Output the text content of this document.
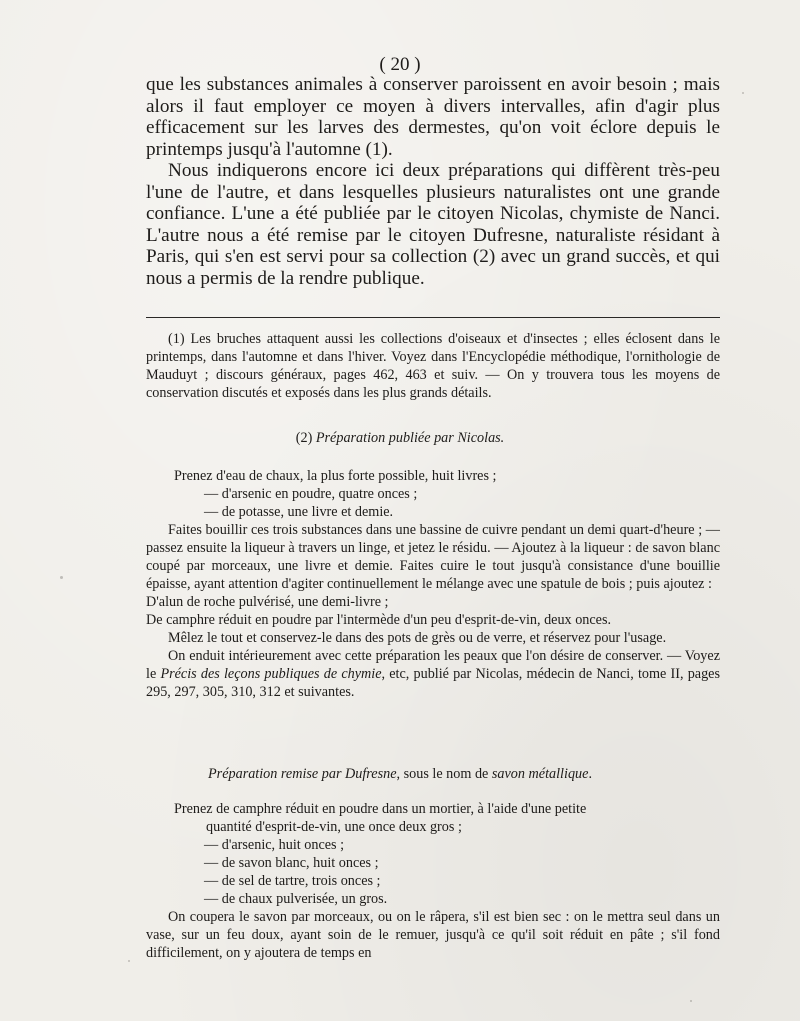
( 20 )

que les substances animales à conserver paroissent en avoir besoin ; mais alors il faut employer ce moyen à divers intervalles, afin d'agir plus efficacement sur les larves des dermestes, qu'on voit éclore depuis le printemps jusqu'à l'automne (1).

Nous indiquerons encore ici deux préparations qui diffèrent très-peu l'une de l'autre, et dans lesquelles plusieurs naturalistes ont une grande confiance. L'une a été publiée par le citoyen Nicolas, chymiste de Nanci. L'autre nous a été remise par le citoyen Dufresne, naturaliste résidant à Paris, qui s'en est servi pour sa collection (2) avec un grand succès, et qui nous a permis de la rendre publique.

(1) Les bruches attaquent aussi les collections d'oiseaux et d'insectes ; elles éclosent dans le printemps, dans l'automne et dans l'hiver. Voyez dans l'Encyclopédie méthodique, l'ornithologie de Mauduyt ; discours généraux, pages 462, 463 et suiv. — On y trouvera tous les moyens de conservation discutés et exposés dans les plus grands détails.

(2) Préparation publiée par Nicolas.

Prenez d'eau de chaux, la plus forte possible, huit livres ;

— d'arsenic en poudre, quatre onces ;

— de potasse, une livre et demie.

Faites bouillir ces trois substances dans une bassine de cuivre pendant un demi quart-d'heure ; — passez ensuite la liqueur à travers un linge, et jetez le résidu. — Ajoutez à la liqueur : de savon blanc coupé par morceaux, une livre et demie. Faites cuire le tout jusqu'à consistance d'une bouillie épaisse, ayant attention d'agiter continuellement le mélange avec une spatule de bois ; puis ajoutez :

D'alun de roche pulvérisé, une demi-livre ;

De camphre réduit en poudre par l'intermède d'un peu d'esprit-de-vin, deux onces.

Mêlez le tout et conservez-le dans des pots de grès ou de verre, et réservez pour l'usage.

On enduit intérieurement avec cette préparation les peaux que l'on désire de conserver. — Voyez le Précis des leçons publiques de chymie, etc, publié par Nicolas, médecin de Nanci, tome II, pages 295, 297, 305, 310, 312 et suivantes.

Préparation remise par Dufresne, sous le nom de savon métallique.

Prenez de camphre réduit en poudre dans un mortier, à l'aide d'une petite

quantité d'esprit-de-vin, une once deux gros ;

— d'arsenic, huit onces ;

— de savon blanc, huit onces ;

— de sel de tartre, trois onces ;

— de chaux pulverisée, un gros.

On coupera le savon par morceaux, ou on le râpera, s'il est bien sec : on le mettra seul dans un vase, sur un feu doux, ayant soin de le remuer, jusqu'à ce qu'il soit réduit en pâte ; s'il fond difficilement, on y ajoutera de temps en
